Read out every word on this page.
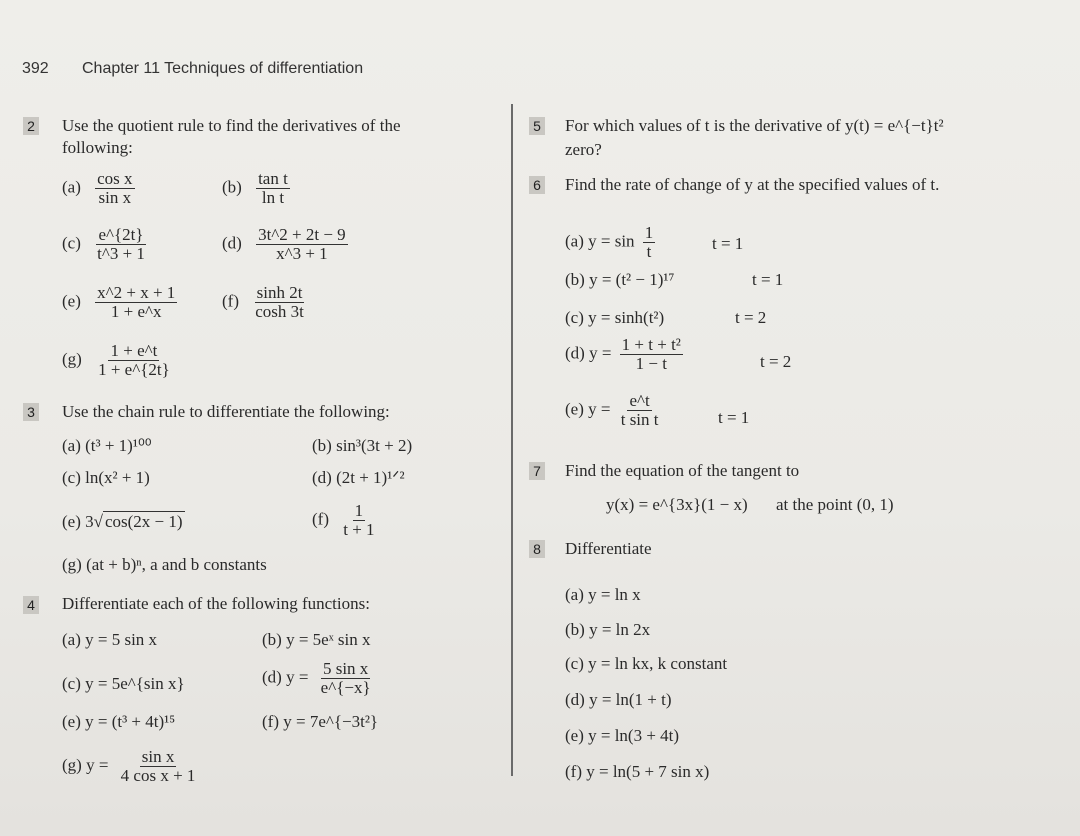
392 Chapter 11 Techniques of differentiation
2 Use the quotient rule to find the derivatives of the
following:
$(a) \frac{\text{cos x}}{\text{sin x}}$	$(b) \frac{\text{tan t}}{\text{ln t}}$
$(c) \frac{e\^{}\{2t\}}{t\^{}3 + 1}$	$(d) \frac{3t\^{}2 + 2t - 9}{x\^{}3 + 1}$
$(e) \frac{x\^{}2 + x + 1}{1 + e\^{}x}$	$(f) \frac{\sinh 2t}{\cosh 3t}$
$(g) \frac{1 + e\^{}t}{1 + e\^{}\{2t\}}$
3 Use the chain rule to differentiate the following:
(a) (t³ + 1)¹⁰⁰	(b) sin³(3t + 2)
(c) ln(x² + 1)	(d) (2t + 1)¹ᐟ²
(e) 3√ cos(2x − 1)	$(f) \frac{1}{t + 1}$
(g) (at + b)ⁿ, a and b constants
4 Differentiate each of the following functions:
(a) y = 5 sin x	(b) y = 5eˣ sin x
(c) y = 5e^{sin x}	(d) $y = \frac{\text{5 sin x}}{e\^{}\{-x\}}$
(e) y = (t³ + 4t)¹⁵	(f) y = 7e^{−3t²}
(g) $y = \frac{\text{sin x}}{\text{4 cos x + 1}}$
5 For which values of t is the derivative of y(t) = e^{−t}t²
zero?
6 Find the rate of change of y at the specified values of t.
(a) $y = \sin \frac{1}{t}$	t = 1
(b) y = (t² − 1)¹⁷	t = 1
(c) y = sinh(t²)	t = 2
(d) $y = \frac{\text{1 + t + t²}}{1 - t}$	t = 2
(e) $y = \frac{e\^{}t}{\text{t sin t}}$	t = 1
7 Find the equation of the tangent to
y(x) = e^{3x}(1 − x) at the point (0, 1)
8 Differentiate
(a) y = ln x
(b) y = ln 2x
(c) y = ln kx, k constant
(d) y = ln(1 + t)
(e) y = ln(3 + 4t)
(f) y = ln(5 + 7 sin x)
